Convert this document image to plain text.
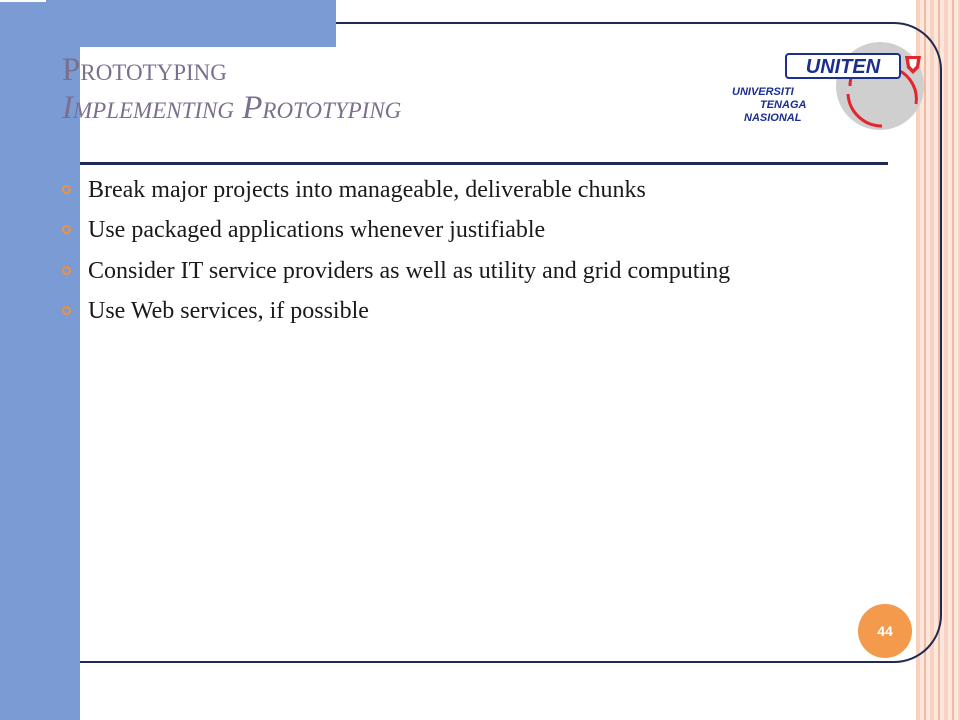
Prototyping
Implementing Prototyping
Break major projects into manageable, deliverable chunks
Use packaged applications whenever justifiable
Consider IT service providers as well as utility and grid computing
Use Web services, if possible
UNITEN
UNIVERSITI
TENAGA
NASIONAL
44
